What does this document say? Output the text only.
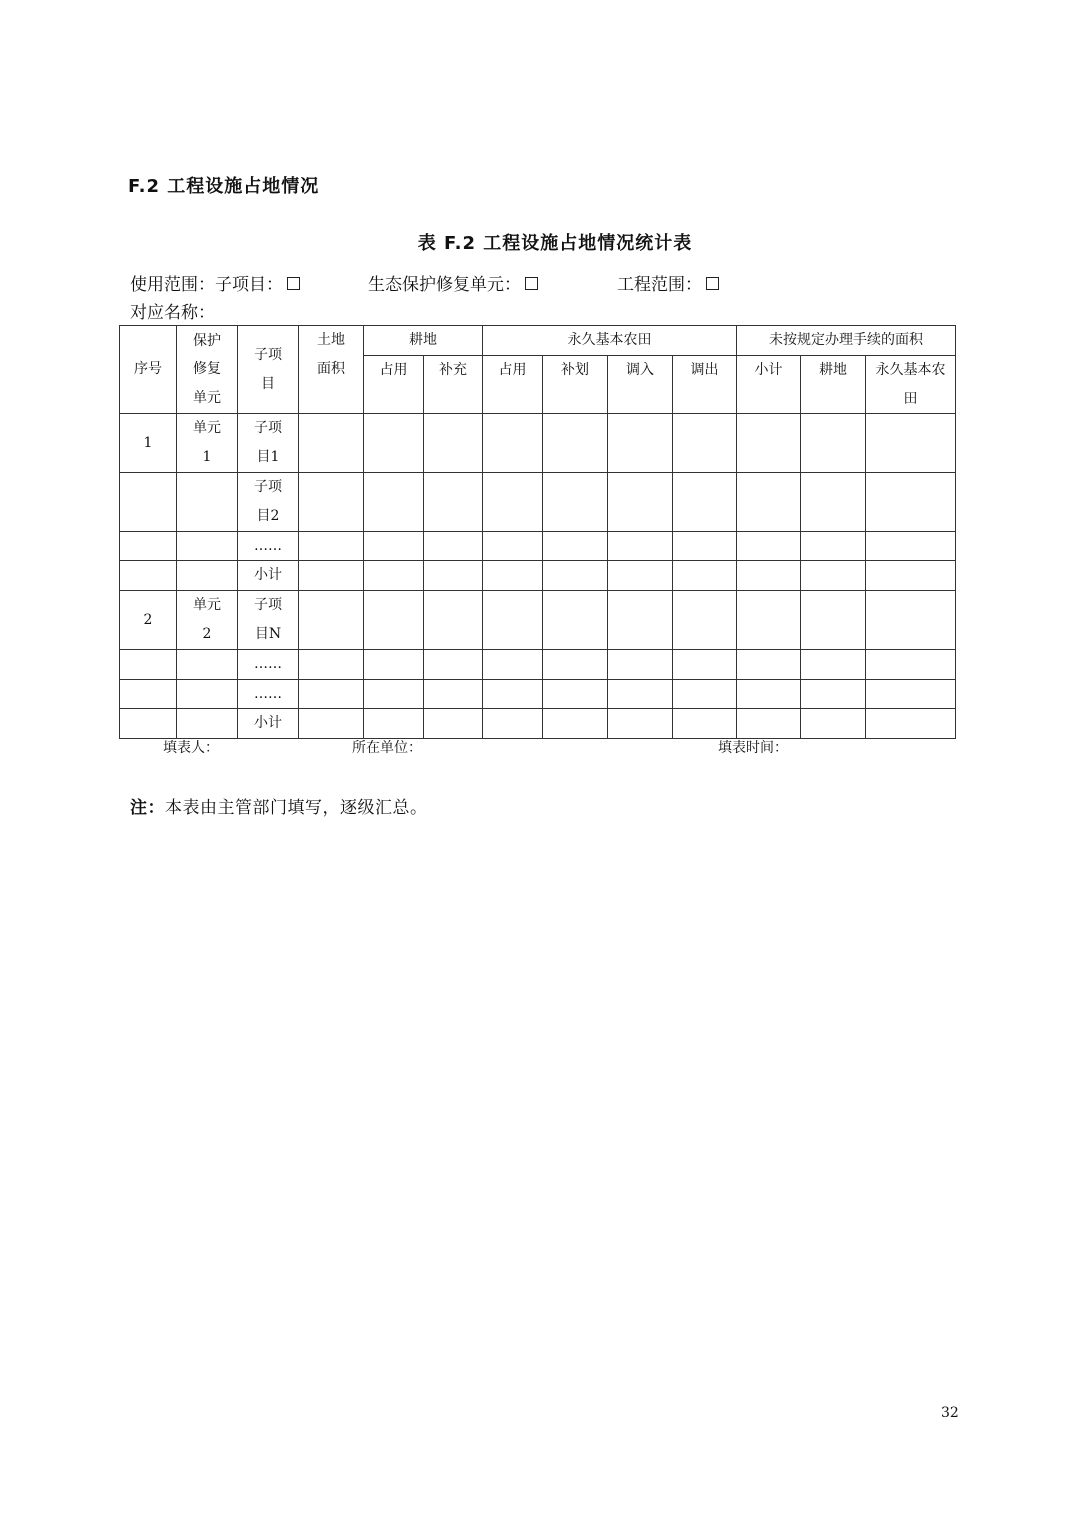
F.2 工程设施占地情况
表 F.2 工程设施占地情况统计表
使用范围：子项目：	生态保护修复单元：	工程范围：
对应名称：
序号	保护修复单元	子项目	土地面积	耕地		永久基本农田				未按规定办理手续的面积		
				占用	补充	占用	补划	调入	调出	小计	耕地	永久基本农田

1	单元1	子项目1										
		子项目2										
		……										
		小计										
2	单元2	子项目N										
		……										
		……										
		小计										
填表人：	所在单位：	填表时间：
注：本表由主管部门填写，逐级汇总。
32
